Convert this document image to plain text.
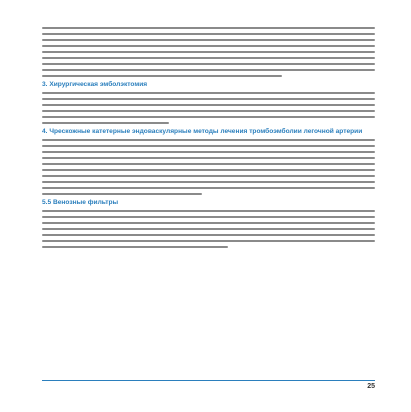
3. Хирургическая эмболэктомия
4. Чрескожные катетерные эндоваскулярные методы лечения тромбоэмболии легочной артерии
5.5 Венозные фильтры
25
